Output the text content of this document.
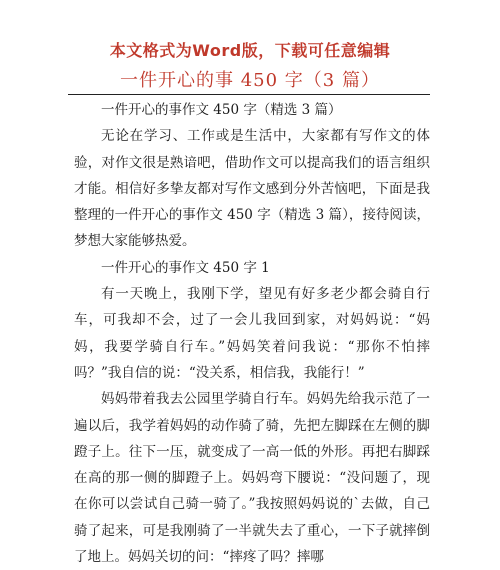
本文格式为Word版，下载可任意编辑
一件开心的事 450 字（3 篇）

一件开心的事作文 450 字（精选 3 篇）

无论在学习、工作或是生活中，大家都有写作文的体验，对作文很是熟谙吧，借助作文可以提高我们的语言组织才能。相信好多挚友都对写作文感到分外苦恼吧，下面是我整理的一件开心的事作文 450 字（精选 3 篇），接待阅读，梦想大家能够热爱。

一件开心的事作文 450 字 1

有一天晚上，我刚下学，望见有好多老少都会骑自行车，可我却不会，过了一会儿我回到家，对妈妈说：“妈妈，我要学骑自行车。”妈妈笑着问我说：“那你不怕摔吗？”我自信的说：“没关系，相信我，我能行！”

妈妈带着我去公园里学骑自行车。妈妈先给我示范了一遍以后，我学着妈妈的动作骑了骑，先把左脚踩在左侧的脚蹬子上。往下一压，就变成了一高一低的外形。再把右脚踩在高的那一侧的脚蹬子上。妈妈弯下腰说：“没问题了，现在你可以尝试自己骑一骑了。”我按照妈妈说的`去做，自己骑了起来，可是我刚骑了一半就失去了重心，一下子就摔倒了地上。妈妈关切的问：“摔疼了吗？摔哪
